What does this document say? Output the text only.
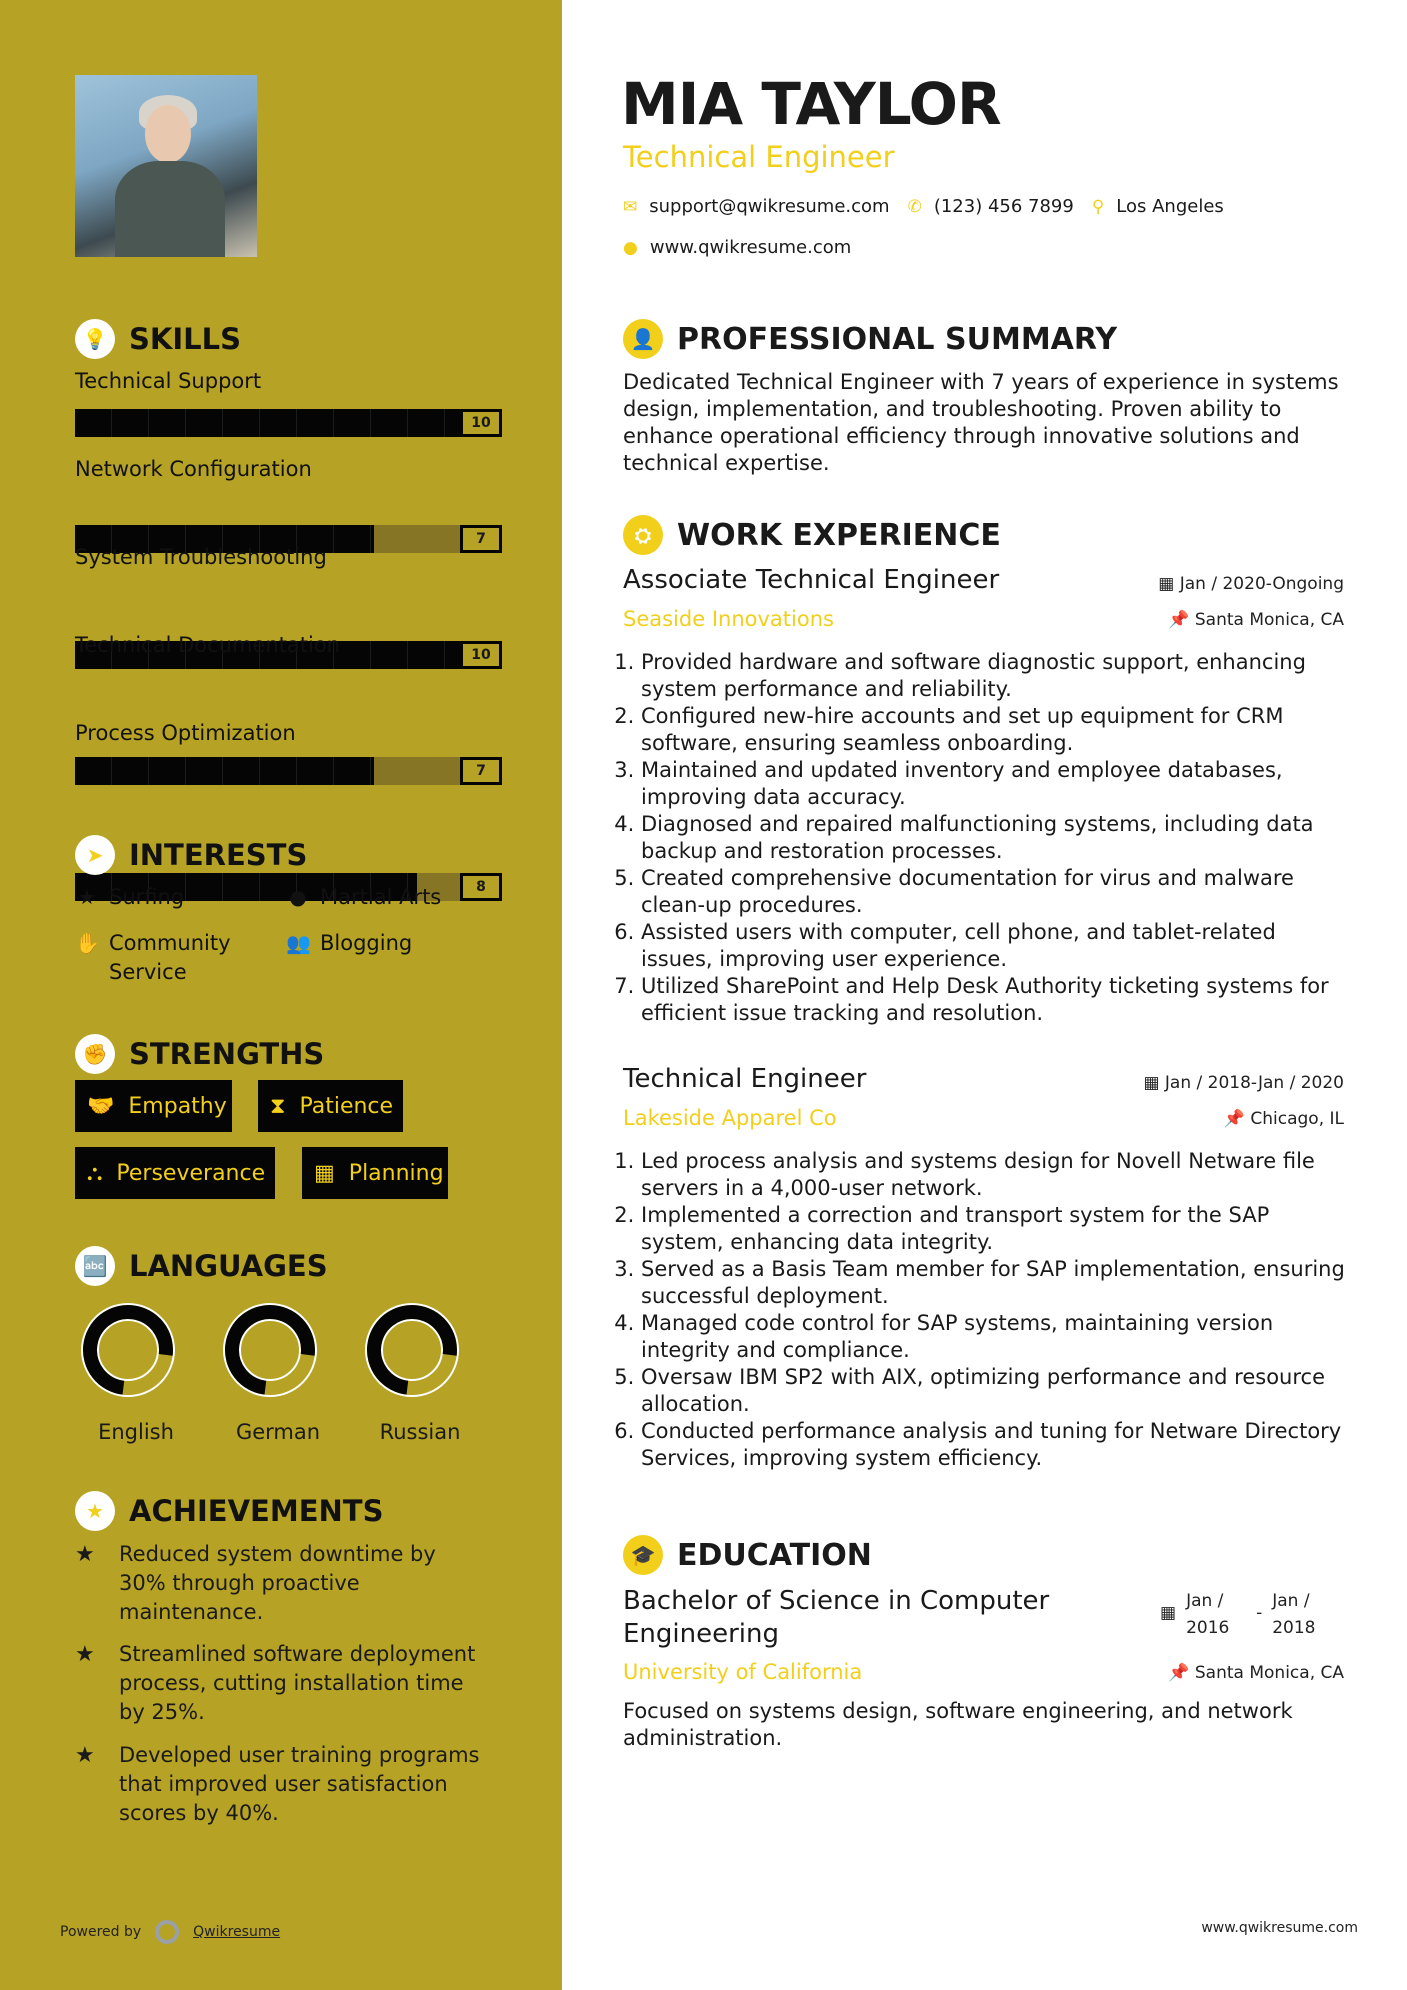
💡 SKILLS
Technical Support
10
Network Configuration
7
System Troubleshooting
10
Technical Documentation
7
Process Optimization
8
➤ INTERESTS
★ Surfing	● Martial Arts
✋ Community Service
👥 Blogging
✊ STRENGTHS
🤝 Empathy ⧗ Patience
⛬ Perseverance ▦ Planning
🔤 LANGUAGES
English	German	Russian
★ ACHIEVEMENTS
★	Reduced system downtime by 30% through proactive maintenance.
★	Streamlined software deployment process, cutting installation time by 25%.
★	Developed user training programs that improved user satisfaction scores by 40%.
Powered by	Qwikresume	www.qwikresume.com
MIA TAYLOR
Technical Engineer
✉ support@qwikresume.com ✆ (123) 456 7899 ⚲ Los Angeles
● www.qwikresume.com
👤 PROFESSIONAL SUMMARY
Dedicated Technical Engineer with 7 years of experience in systems design, implementation, and troubleshooting. Proven ability to enhance operational efficiency through innovative solutions and technical expertise.
⛭ WORK EXPERIENCE
Associate Technical Engineer	▦ Jan / 2020-Ongoing
Seaside Innovations	📌 Santa Monica, CA
1. Provided hardware and software diagnostic support, enhancing system performance and reliability.
2. Configured new-hire accounts and set up equipment for CRM software, ensuring seamless onboarding.
3. Maintained and updated inventory and employee databases, improving data accuracy.
4. Diagnosed and repaired malfunctioning systems, including data backup and restoration processes.
5. Created comprehensive documentation for virus and malware clean-up procedures.
6. Assisted users with computer, cell phone, and tablet-related issues, improving user experience.
7. Utilized SharePoint and Help Desk Authority ticketing systems for efficient issue tracking and resolution.
Technical Engineer	▦ Jan / 2018-Jan / 2020
Lakeside Apparel Co	📌 Chicago, IL
1. Led process analysis and systems design for Novell Netware file servers in a 4,000-user network.
2. Implemented a correction and transport system for the SAP system, enhancing data integrity.
3. Served as a Basis Team member for SAP implementation, ensuring successful deployment.
4. Managed code control for SAP systems, maintaining version integrity and compliance.
5. Oversaw IBM SP2 with AIX, optimizing performance and resource allocation.
6. Conducted performance analysis and tuning for Netware Directory Services, improving system efficiency.
🎓 EDUCATION
Bachelor of Science in Computer Engineering
▦
Jan / 2016
-
Jan / 2018
University of California	📌 Santa Monica, CA
Focused on systems design, software engineering, and network administration.
